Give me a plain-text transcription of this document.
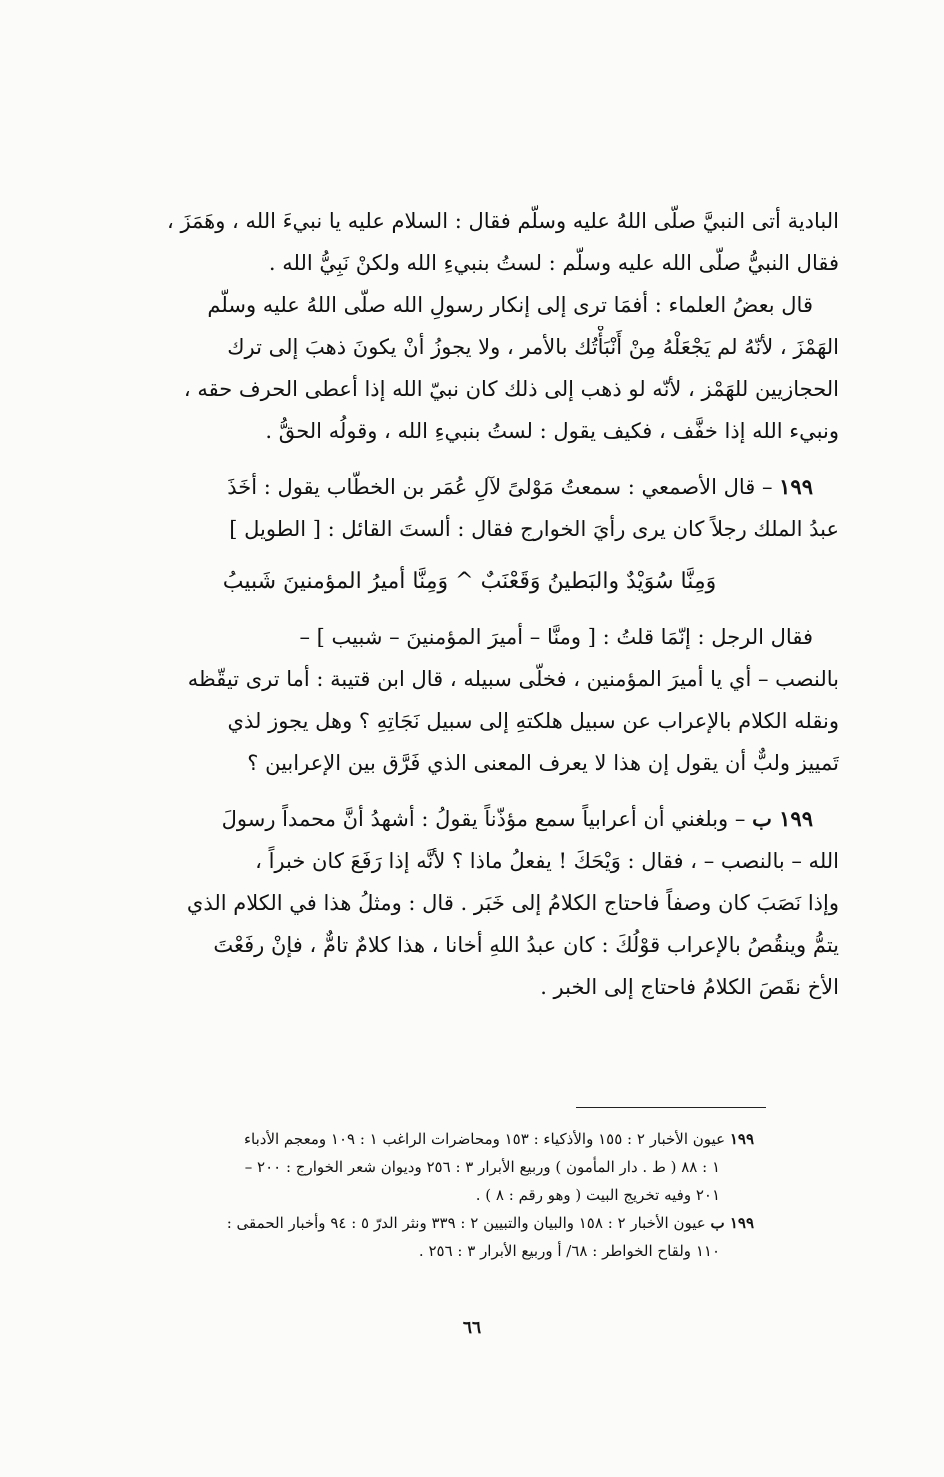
البادية أتى النبيَّ صلّى اللهُ عليه وسلّم فقال : السلام عليه يا نبيءَ الله ، وهَمَزَ ،
فقال النبيُّ صلّى الله عليه وسلّم : لستُ بنبيءِ الله ولكنْ نَبِيُّ الله .
قال بعضُ العلماء : أفمَا ترى إلى إنكار رسولِ الله صلّى اللهُ عليه وسلّم
الهَمْزَ ، لأنّهُ لم يَجْعَلْهُ مِنْ أَنْبَأْتُك بالأمر ، ولا يجوزُ أنْ يكونَ ذهبَ إلى ترك
الحجازيين للهَمْز ، لأنّه لو ذهب إلى ذلك كان نبيّ الله إذا أعطى الحرف حقه ،
ونبيء الله إذا خفَّف ، فكيف يقول : لستُ بنبيءِ الله ، وقولُه الحقُّ .
١٩٩ – قال الأصمعي : سمعتُ مَوْلىً لآلِ عُمَر بن الخطّاب يقول : أخَذَ
عبدُ الملك رجلاً كان يرى رأيَ الخوارج فقال : ألستَ القائل : [ الطويل ]
وَمِنَّا سُوَيْدٌ والبَطينُ وَقَعْنَبٌ ^ وَمِنَّا أميرُ المؤمنينَ شَبيبُ
فقال الرجل : إنّمَا قلتُ : [ ومنَّا – أميرَ المؤمنينَ – شبيب ] –
بالنصب – أي يا أميرَ المؤمنين ، فخلّى سبيله ، قال ابن قتيبة : أما ترى تيقّظه
ونقله الكلام بالإعراب عن سبيل هلكتهِ إلى سبيل نَجَاتِهِ ؟ وهل يجوز لذي
تَمييز ولبٌّ أن يقول إن هذا لا يعرف المعنى الذي فَرَّق بين الإعرابين ؟
١٩٩ ب – وبلغني أن أعرابياً سمع مؤذّناً يقولُ : أشهدُ أنَّ محمداً رسولَ
الله – بالنصب – ، فقال : وَيْحَكَ ! يفعلُ ماذا ؟ لأنَّه إذا رَفَعَ كان خبراً ،
وإذا نَصَبَ كان وصفاً فاحتاج الكلامُ إلى خَبَر . قال : ومثلُ هذا في الكلام الذي
يتمُّ وينقُصُ بالإعراب قوْلُكَ : كان عبدُ اللهِ أخانا ، هذا كلامٌ تامٌّ ، فإنْ رفَعْتَ
الأخ نقَصَ الكلامُ فاحتاج إلى الخبر .
١٩٩ عيون الأخبار ٢ : ١٥٥ والأذكياء : ١٥٣ ومحاضرات الراغب ١ : ١٠٩ ومعجم الأدباء
١ : ٨٨ ( ط . دار المأمون ) وربيع الأبرار ٣ : ٢٥٦ وديوان شعر الخوارج : ٢٠٠ –
٢٠١ وفيه تخريج البيت ( وهو رقم : ٨ ) .
١٩٩ ب عيون الأخبار ٢ : ١٥٨ والبيان والتبيين ٢ : ٣٣٩ ونثر الدرّ ٥ : ٩٤ وأخبار الحمقى :
١١٠ ولقاح الخواطر : ٦٨/ أ وربيع الأبرار ٣ : ٢٥٦ .
٦٦
